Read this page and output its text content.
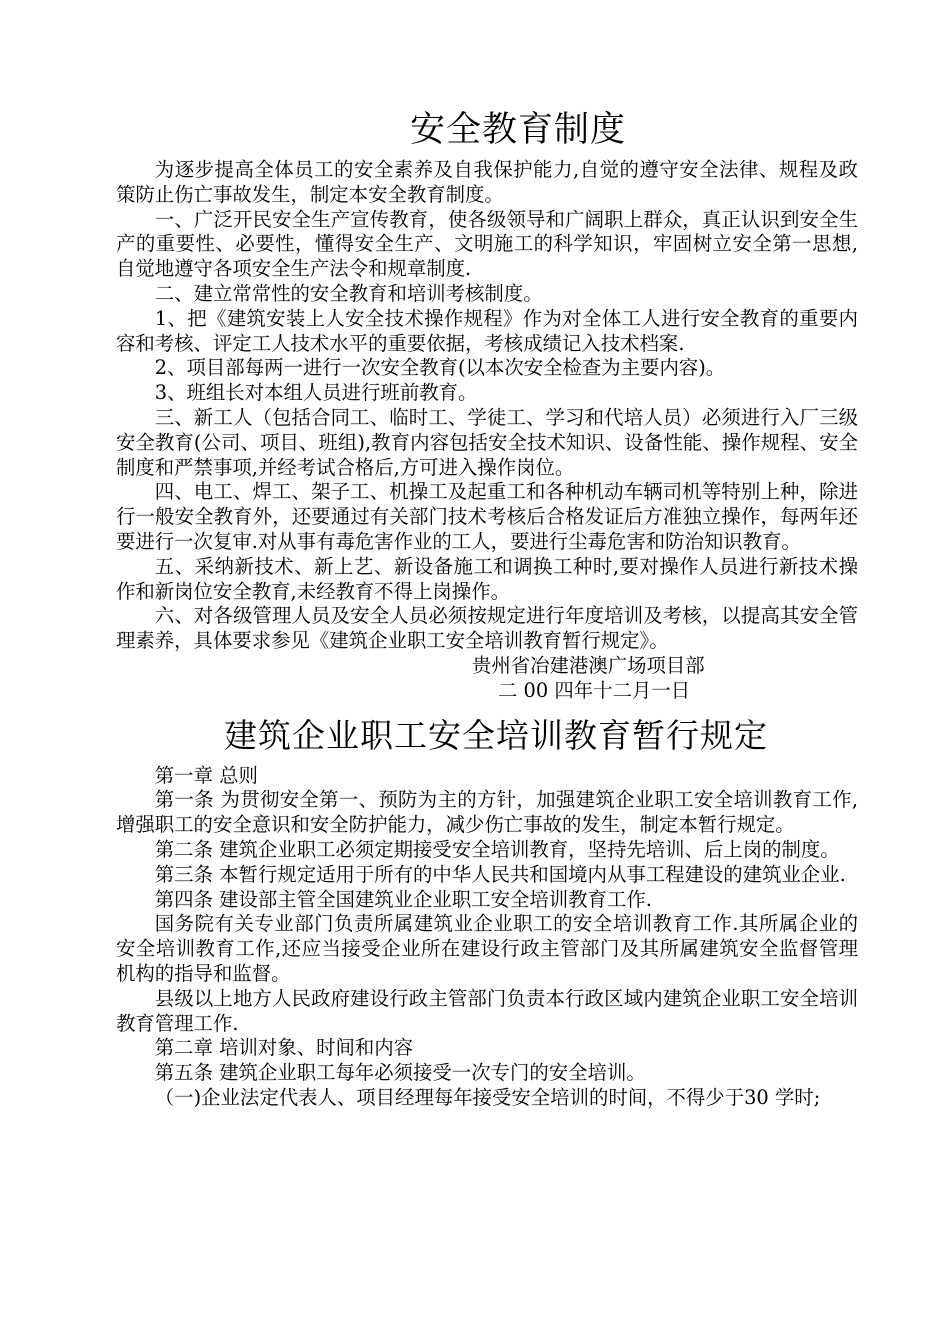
安全教育制度

为逐步提高全体员工的安全素养及自我保护能力,自觉的遵守安全法律、规程及政策防止伤亡事故发生，制定本安全教育制度。

一、广泛开民安全生产宣传教育，使各级领导和广阔职上群众，真正认识到安全生产的重要性、必要性，懂得安全生产、文明施工的科学知识，牢固树立安全第一思想,自觉地遵守各项安全生产法令和规章制度.

二、建立常常性的安全教育和培训考核制度。

1、把《建筑安装上人安全技术操作规程》作为对全体工人进行安全教育的重要内容和考核、评定工人技术水平的重要依据，考核成绩记入技术档案.

2、项目部每两一进行一次安全教育(以本次安全检查为主要内容)。

3、班组长对本组人员进行班前教育。

三、新工人（包括合同工、临时工、学徒工、学习和代培人员）必须进行入厂三级安全教育(公司、项目、班组),教育内容包括安全技术知识、设备性能、操作规程、安全制度和严禁事项,并经考试合格后,方可进入操作岗位。

四、电工、焊工、架子工、机操工及起重工和各种机动车辆司机等特别上种，除进行一般安全教育外，还要通过有关部门技术考核后合格发证后方准独立操作，每两年还要进行一次复审.对从事有毒危害作业的工人，要进行尘毒危害和防治知识教育。

五、采纳新技术、新上艺、新设备施工和调换工种时,要对操作人员进行新技术操作和新岗位安全教育,未经教育不得上岗操作。

六、对各级管理人员及安全人员必须按规定进行年度培训及考核，以提高其安全管理素养，具体要求参见《建筑企业职工安全培训教育暂行规定》。

贵州省冶建港澳广场项目部

二 00 四年十二月一日

建筑企业职工安全培训教育暂行规定

第一章 总则

第一条 为贯彻安全第一、预防为主的方针，加强建筑企业职工安全培训教育工作,增强职工的安全意识和安全防护能力，减少伤亡事故的发生，制定本暂行规定。

第二条 建筑企业职工必须定期接受安全培训教育，坚持先培训、后上岗的制度。

第三条 本暂行规定适用于所有的中华人民共和国境内从事工程建设的建筑业企业.

第四条 建设部主管全国建筑业企业职工安全培训教育工作.

国务院有关专业部门负责所属建筑业企业职工的安全培训教育工作.其所属企业的安全培训教育工作,还应当接受企业所在建设行政主管部门及其所属建筑安全监督管理机构的指导和监督。

县级以上地方人民政府建设行政主管部门负责本行政区域内建筑企业职工安全培训教育管理工作.

第二章 培训对象、时间和内容

第五条 建筑企业职工每年必须接受一次专门的安全培训。

（一)企业法定代表人、项目经理每年接受安全培训的时间，不得少于30 学时;
